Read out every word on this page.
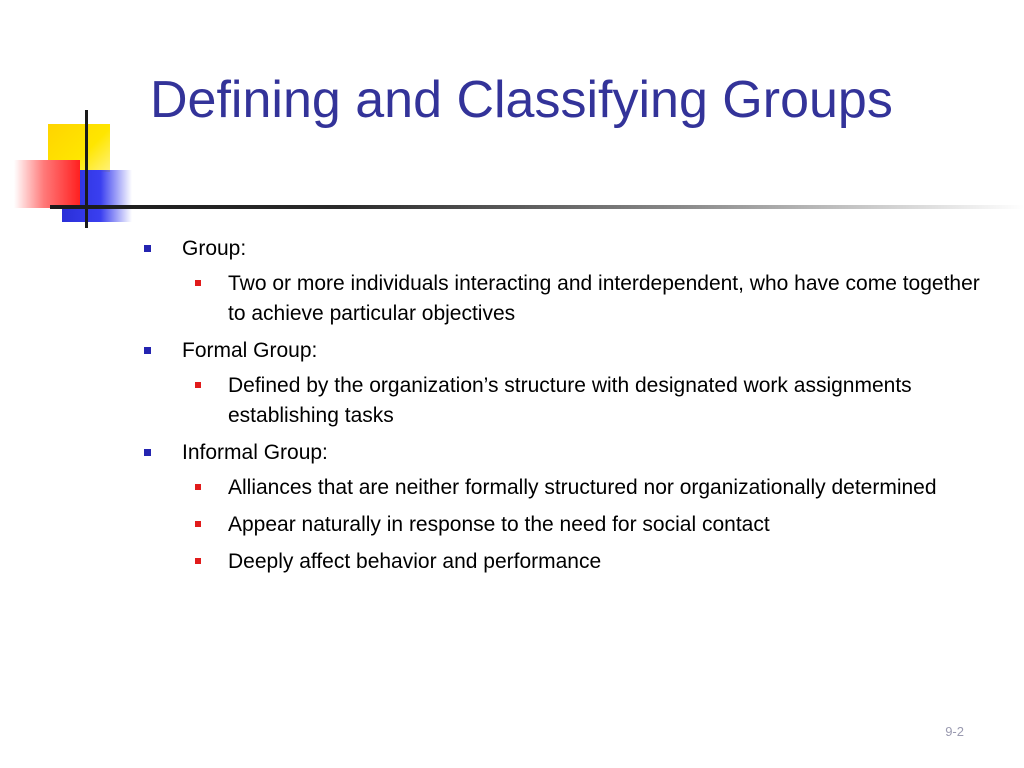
Defining and Classifying Groups
Group:
Two or more individuals interacting and interdependent, who have come together to achieve particular objectives
Formal Group:
Defined by the organization’s structure with designated work assignments establishing tasks
Informal Group:
Alliances that are neither formally structured nor organizationally determined
Appear naturally in response to the need for social contact
Deeply affect behavior and performance
9-2
